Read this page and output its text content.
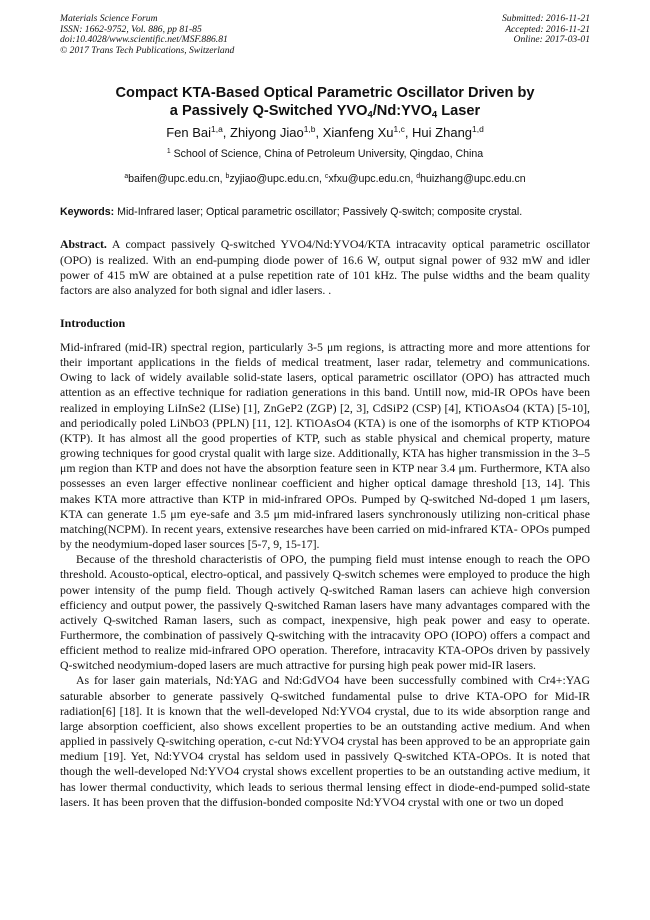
Materials Science Forum
ISSN: 1662-9752, Vol. 886, pp 81-85
doi:10.4028/www.scientific.net/MSF.886.81
© 2017 Trans Tech Publications, Switzerland
Submitted: 2016-11-21
Accepted: 2016-11-21
Online: 2017-03-01
Compact KTA-Based Optical Parametric Oscillator Driven by
a Passively Q-Switched $YVO_4/Nd:YVO_4$ Laser
Fen Bai$^{1,a}$, Zhiyong Jiao$^{1,b}$, Xianfeng Xu$^{1,c}$, Hui Zhang$^{1,d}$
$^1$ School of Science, China of Petroleum University, Qingdao, China
$^a$baifen@upc.edu.cn, $^b$zyjiao@upc.edu.cn, $^c$xfxu@upc.edu.cn, $^d$huizhang@upc.edu.cn
Keywords: Mid-Infrared laser; Optical parametric oscillator; Passively Q-switch; composite crystal.
Abstract. A compact passively Q-switched YVO4/Nd:YVO4/KTA intracavity optical parametric oscillator (OPO) is realized. With an end-pumping diode power of 16.6 W, output signal power of 932 mW and idler power of 415 mW are obtained at a pulse repetition rate of 101 kHz. The pulse widths and the beam quality factors are also analyzed for both signal and idler lasers. .
Introduction

Mid-infrared (mid-IR) spectral region, particularly 3-5 μm regions, is attracting more and more attentions for their important applications in the fields of medical treatment, laser radar, telemetry and communications. Owing to lack of widely available solid-state lasers, optical parametric oscillator (OPO) has attracted much attention as an effective technique for radiation generations in this band. Untill now, mid-IR OPOs have been realized in employing LiInSe2 (LISe) [1], ZnGeP2 (ZGP) [2, 3], CdSiP2 (CSP) [4], KTiOAsO4 (KTA) [5-10], and periodically poled LiNbO3 (PPLN) [11, 12]. KTiOAsO4 (KTA) is one of the isomorphs of KTP KTiOPO4 (KTP). It has almost all the good properties of KTP, such as stable physical and chemical property, mature growing techniques for good crystal qualit with large size. Additionally, KTA has higher transmission in the 3–5 μm region than KTP and does not have the absorption feature seen in KTP near 3.4 μm. Furthermore, KTA also possesses an even larger effective nonlinear coefficient and higher optical damage threshold [13, 14]. This makes KTA more attractive than KTP in mid-infrared OPOs. Pumped by Q-switched Nd-doped 1 μm lasers, KTA can generate 1.5 μm eye-safe and 3.5 μm mid-infrared lasers synchronously utilizing non-critical phase matching(NCPM). In recent years, extensive researches have been carried on mid-infrared KTA- OPOs pumped by the neodymium-doped laser sources [5-7, 9, 15-17].

Because of the threshold characteristis of OPO, the pumping field must intense enough to reach the OPO threshold. Acousto-optical, electro-optical, and passively Q-switch schemes were employed to produce the high power intensity of the pump field. Though actively Q-switched Raman lasers can achieve high conversion efficiency and output power, the passively Q-switched Raman lasers have many advantages compared with the actively Q-switched Raman lasers, such as compact, inexpensive, high peak power and easy to operate. Furthermore, the combination of passively Q-switching with the intracavity OPO (IOPO) offers a compact and efficient method to realize mid-infrared OPO operation. Therefore, intracavity KTA-OPOs driven by passively Q-switched neodymium-doped lasers are much attractive for pursing high peak power mid-IR lasers.

As for laser gain materials, Nd:YAG and Nd:GdVO4 have been successfully combined with Cr4+:YAG saturable absorber to generate passively Q-switched fundamental pulse to drive KTA-OPO for Mid-IR radiation[6] [18]. It is known that the well-developed Nd:YVO4 crystal, due to its wide absorption range and large absorption coefficient, also shows excellent properties to be an outstanding active medium. And when applied in passively Q-switching operation, c-cut Nd:YVO4 crystal has been approved to be an appropriate gain medium [19]. Yet, Nd:YVO4 crystal has seldom used in passively Q-switched KTA-OPOs. It is noted that though the well-developed Nd:YVO4 crystal shows excellent properties to be an outstanding active medium, it has lower thermal conductivity, which leads to serious thermal lensing effect in diode-end-pumped solid-state lasers. It has been proven that the diffusion-bonded composite Nd:YVO4 crystal with one or two un doped
